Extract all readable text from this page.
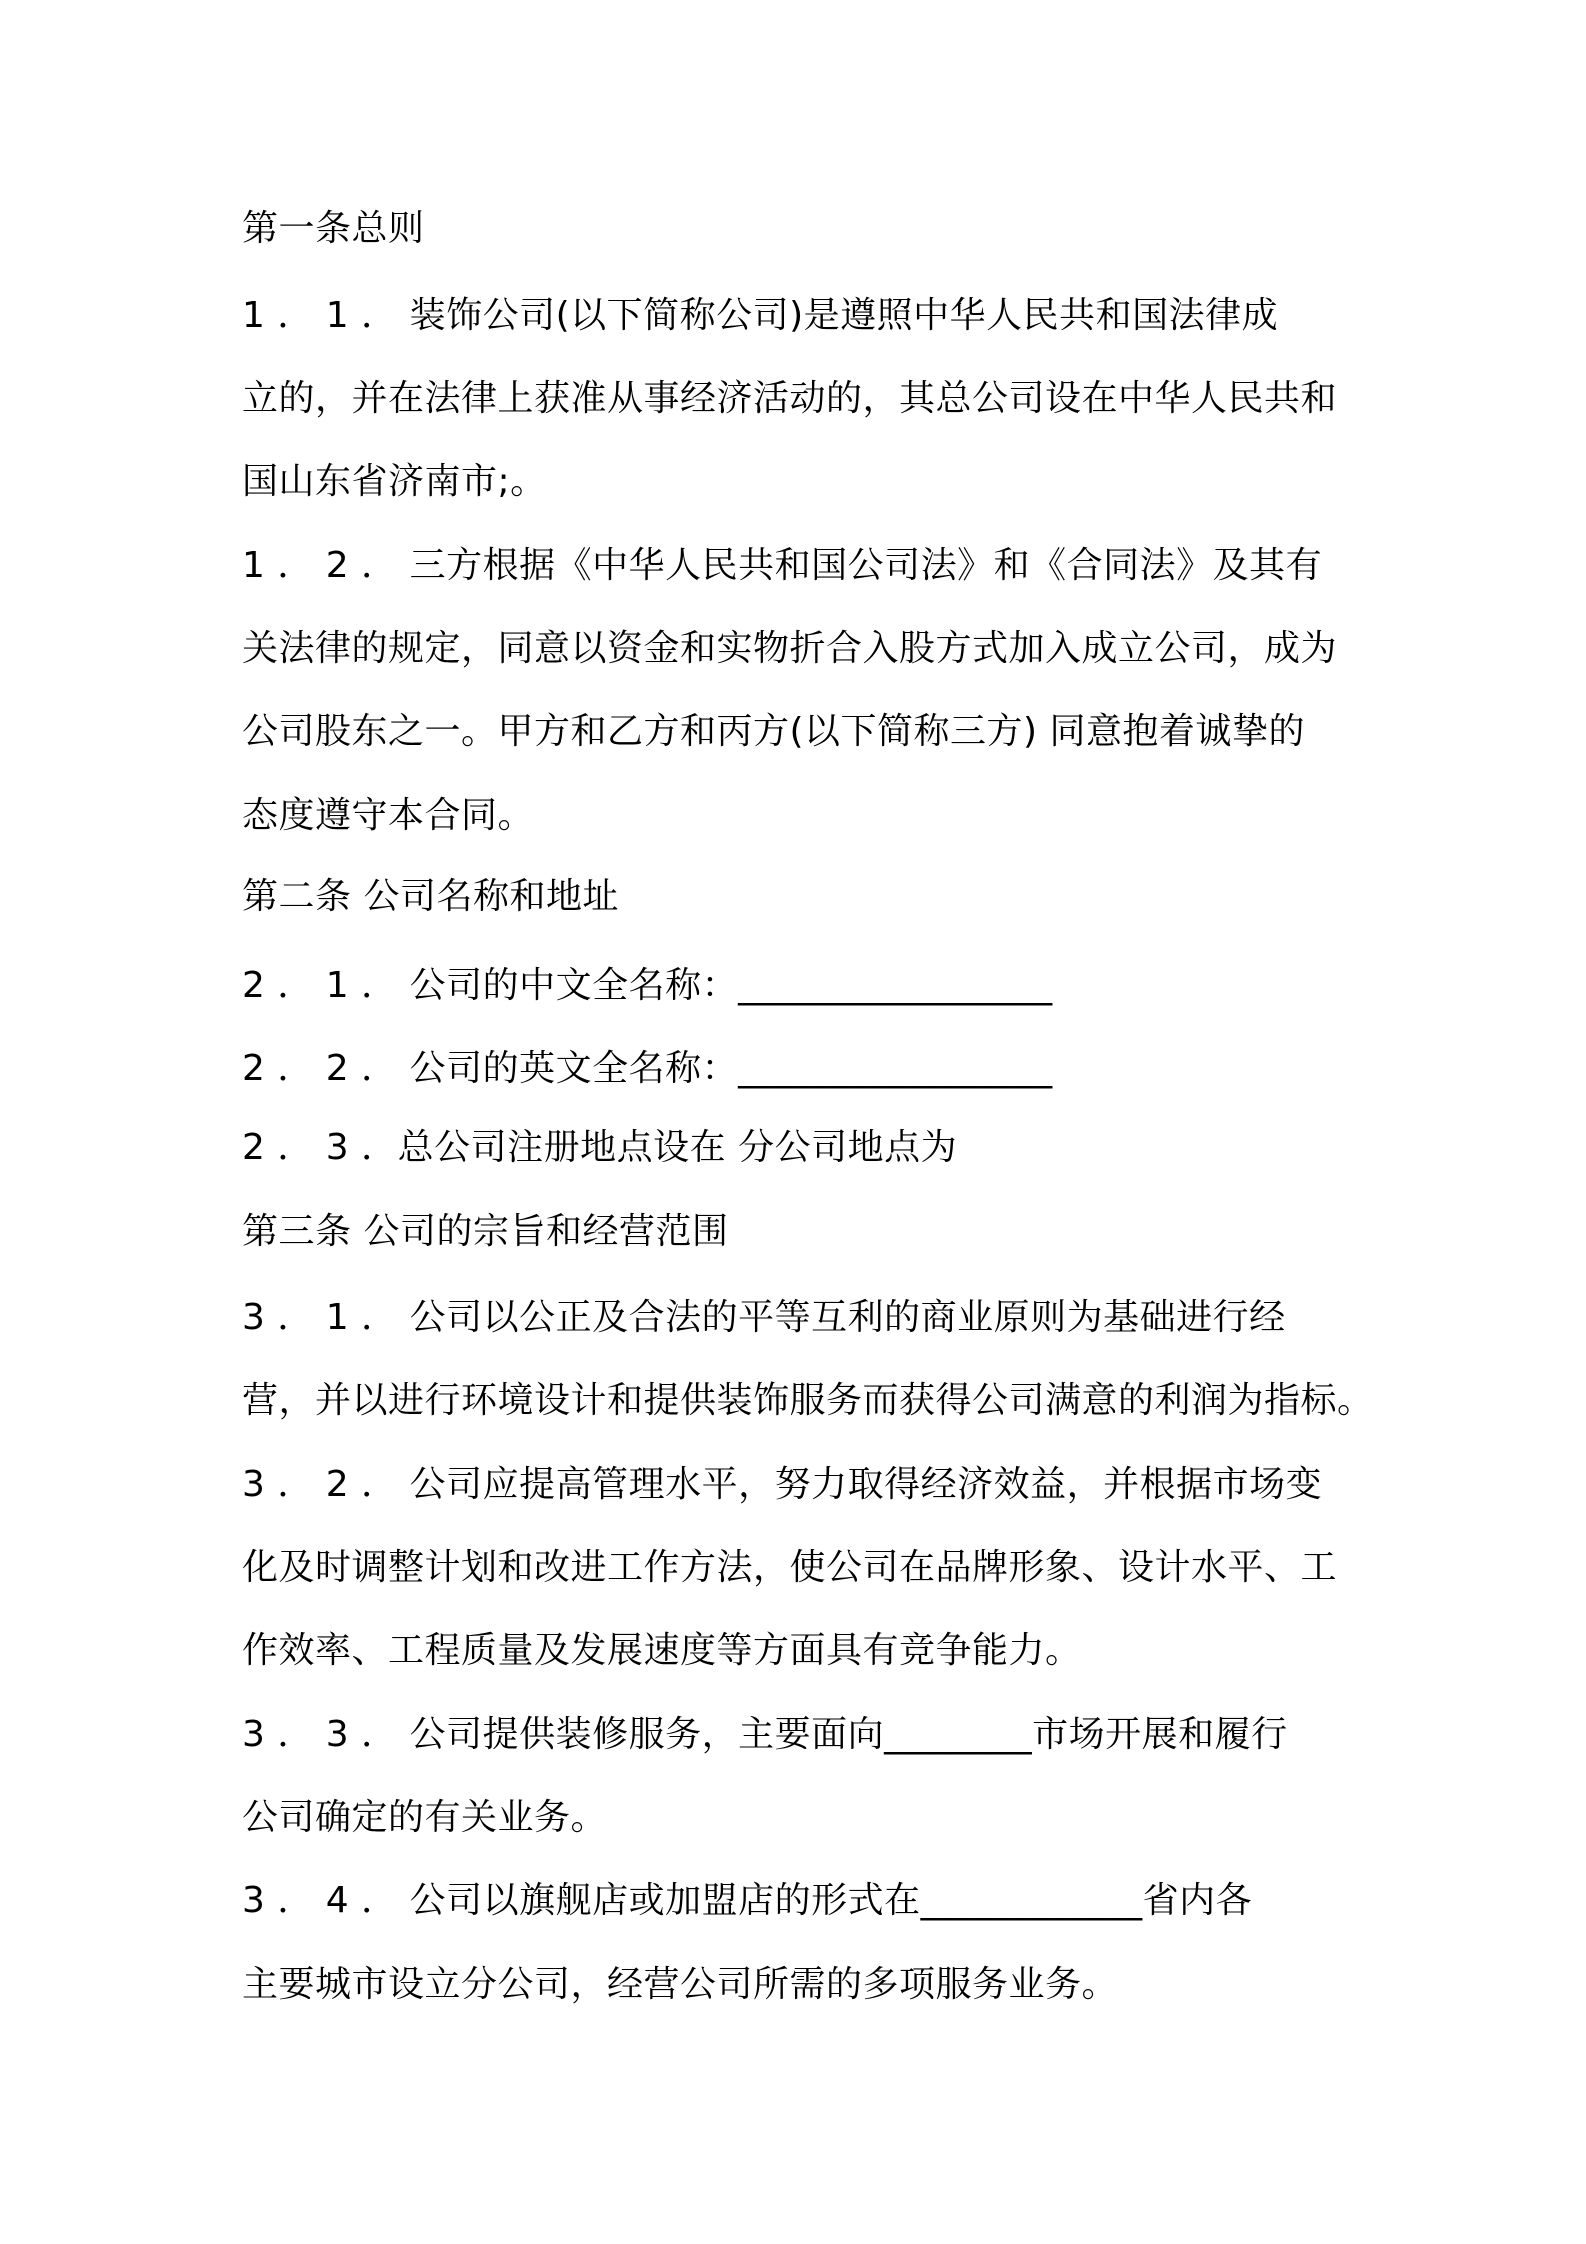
第一条总则
1 ． 1 ． 装饰公司(以下简称公司)是遵照中华人民共和国法律成
立的，并在法律上获准从事经济活动的，其总公司设在中华人民共和
国山东省济南市;。
1 ． 2 ． 三方根据《中华人民共和国公司法》和《合同法》及其有
关法律的规定，同意以资金和实物折合入股方式加入成立公司，成为
公司股东之一。甲方和乙方和丙方(以下简称三方) 同意抱着诚挚的
态度遵守本合同。
第二条 公司名称和地址
2 ． 1 ． 公司的中文全名称：_________________
2 ． 2 ． 公司的英文全名称：_________________
2 ． 3 ．总公司注册地点设在 分公司地点为
第三条 公司的宗旨和经营范围
3 ． 1 ． 公司以公正及合法的平等互利的商业原则为基础进行经
营，并以进行环境设计和提供装饰服务而获得公司满意的利润为指标。
3 ． 2 ． 公司应提高管理水平，努力取得经济效益，并根据市场变
化及时调整计划和改进工作方法，使公司在品牌形象、设计水平、工
作效率、工程质量及发展速度等方面具有竞争能力。
3 ． 3 ． 公司提供装修服务，主要面向________市场开展和履行
公司确定的有关业务。
3 ． 4 ． 公司以旗舰店或加盟店的形式在____________省内各
主要城市设立分公司，经营公司所需的多项服务业务。
